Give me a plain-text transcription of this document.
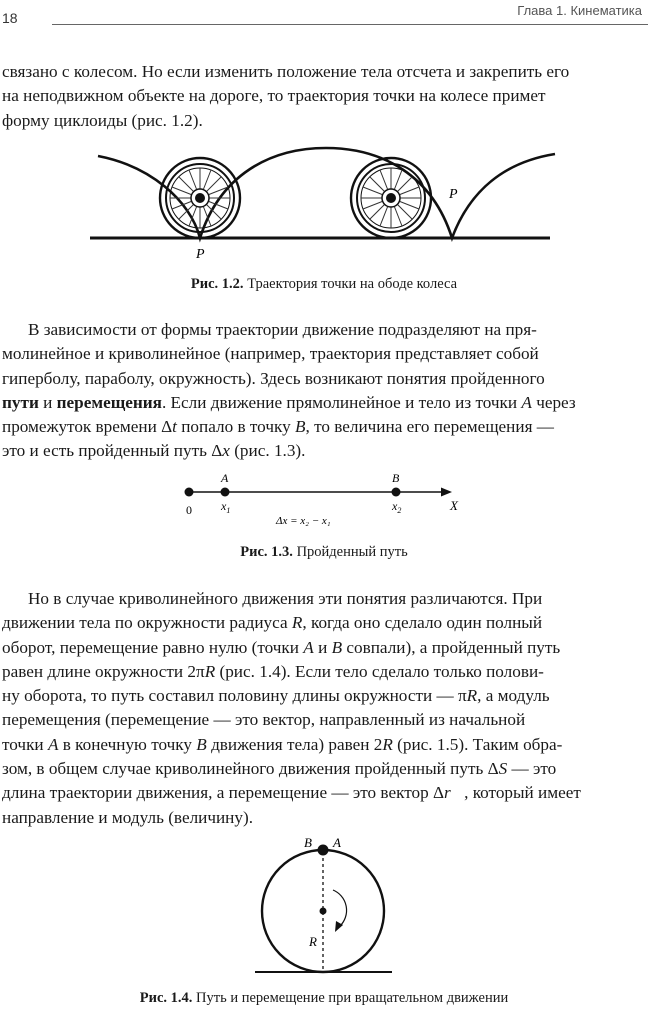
18	Глава 1. Кинематика

связано с колесом. Но если изменить положение тела отсчета и закрепить его

на неподвижном объекте на дороге, то траектория точки на колесе примет

форму циклоиды (рис. 1.2).

P
P
Рис. 1.2. Траектория точки на ободе колеса

В зависимости от формы траектории движение подразделяют на пря-

молинейное и криволинейное (например, траектория представляет собой

гиперболу, параболу, окружность). Здесь возникают понятия пройденного

пути и перемещения. Если движение прямолинейное и тело из точки A через

промежуток времени Δt попало в точку B, то величина его перемещения —

это и есть пройденный путь Δx (рис. 1.3).

A	B
0 $x_1$	$x_2$	X
Δx = x₂ − x₁
Рис. 1.3. Пройденный путь

Но в случае криволинейного движения эти понятия различаются. При

движении тела по окружности радиуса R, когда оно сделало один полный

оборот, перемещение равно нулю (точки A и B совпали), а пройденный путь

равен длине окружности 2πR (рис. 1.4). Если тело сделало только полови-

ну оборота, то путь составил половину длины окружности — πR, а модуль

перемещения (перемещение — это вектор, направленный из начальной

точки A в конечную точку B движения тела) равен 2R (рис. 1.5). Таким обра-

зом, в общем случае криволинейного движения пройденный путь ΔS — это

длина траектории движения, а перемещение — это вектор Δr⃗, который имеет

направление и модуль (величину).

B A
R
Рис. 1.4. Путь и перемещение при вращательном движении
